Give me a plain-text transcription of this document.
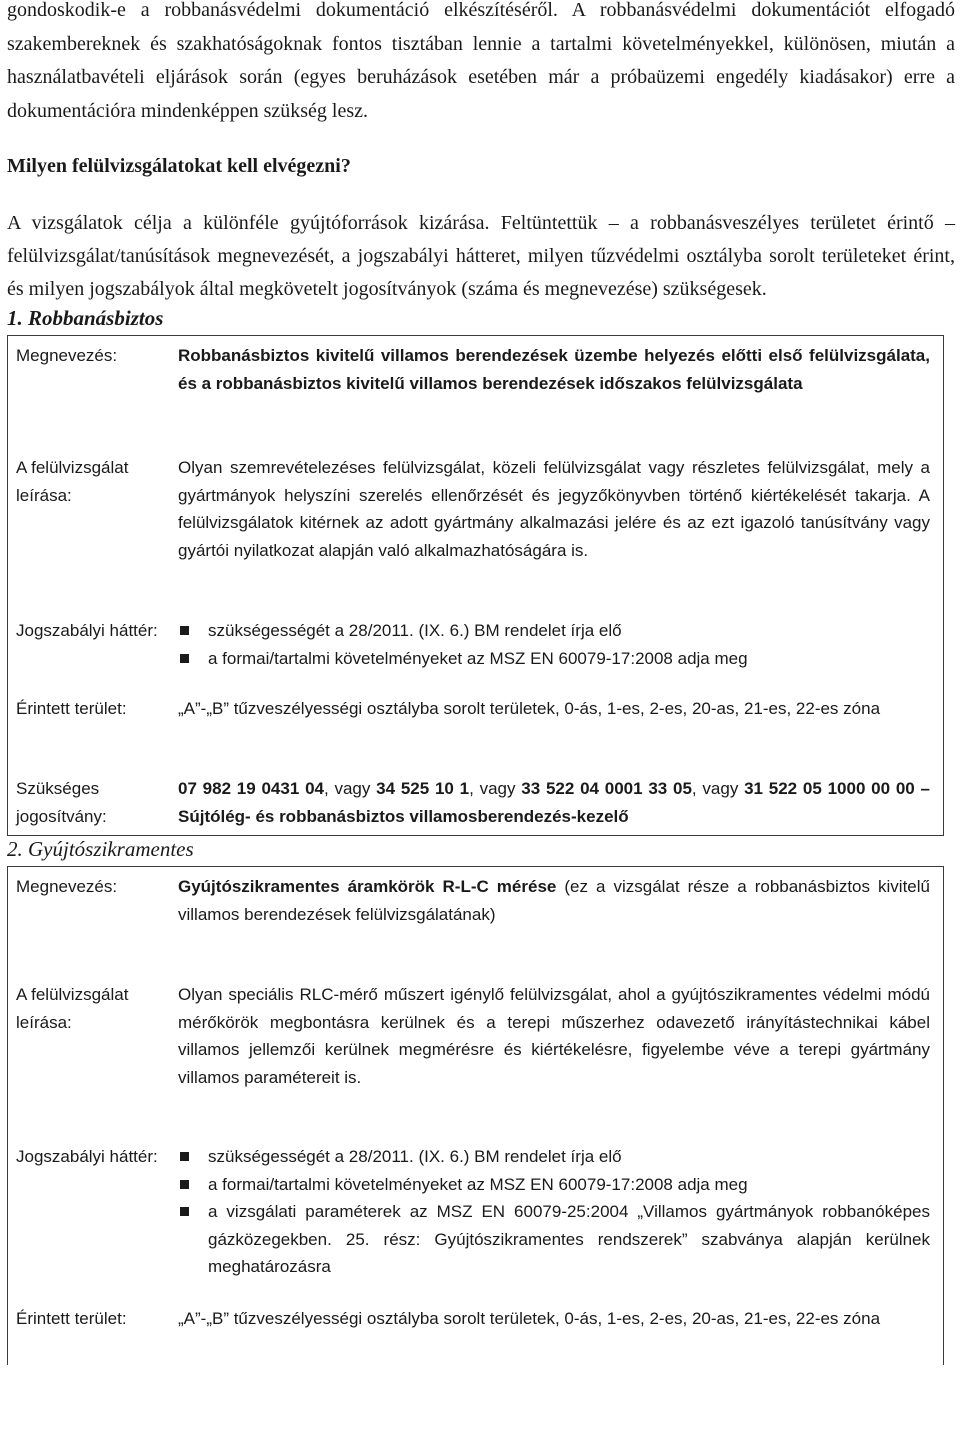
gondoskodik-e a robbanásvédelmi dokumentáció elkészítéséről. A robbanásvédelmi dokumentációt elfogadó szakembereknek és szakhatóságoknak fontos tisztában lennie a tartalmi követelményekkel, különösen, miután a használatbavételi eljárások során (egyes beruházások esetében már a próbaüzemi engedély kiadásakor) erre a dokumentációra mindenképpen szükség lesz.

Milyen felülvizsgálatokat kell elvégezni?

A vizsgálatok célja a különféle gyújtóforrások kizárása. Feltüntettük – a robbanásveszélyes területet érintő – felülvizsgálat/tanúsítások megnevezését, a jogszabályi hátteret, milyen tűzvédelmi osztályba sorolt területeket érint, és milyen jogszabályok által megkövetelt jogosítványok (száma és megnevezése) szükségesek.

1. Robbanásbiztos

Megnevezés:	Robbanásbiztos kivitelű villamos berendezések üzembe helyezés előtti első felülvizsgálata, és a robbanásbiztos kivitelű villamos berendezések időszakos felülvizsgálata
A felülvizsgálat leírása:
Olyan szemrevételezéses felülvizsgálat, közeli felülvizsgálat vagy részletes felülvizsgálat, mely a gyártmányok helyszíni szerelés ellenőrzését és jegyzőkönyvben történő kiértékelését takarja. A felülvizsgálatok kitérnek az adott gyártmány alkalmazási jelére és az ezt igazoló tanúsítvány vagy gyártói nyilatkozat alapján való alkalmazhatóságára is.
Jogszabályi háttér:	szükségességét a 28/2011. (IX. 6.) BM rendelet írja elő
a formai/tartalmi követelményeket az MSZ EN 60079-17:2008 adja meg
Érintett terület:	„A”-„B” tűzveszélyességi osztályba sorolt területek, 0-ás, 1-es, 2-es, 20-as, 21-es, 22-es zóna
Szükséges jogosítvány:
07 982 19 0431 04, vagy 34 525 10 1, vagy 33 522 04 0001 33 05, vagy 31 522 05 1000 00 00 – Sújtólég- és robbanásbiztos villamosberendezés-kezelő

2. Gyújtószikramentes

Megnevezés:	Gyújtószikramentes áramkörök R-L-C mérése (ez a vizsgálat része a robbanásbiztos kivitelű villamos berendezések felülvizsgálatának)
A felülvizsgálat leírása:
Olyan speciális RLC-mérő műszert igénylő felülvizsgálat, ahol a gyújtószikramentes védelmi módú mérőkörök megbontásra kerülnek és a terepi műszerhez odavezető irányítástechnikai kábel villamos jellemzői kerülnek megmérésre és kiértékelésre, figyelembe véve a terepi gyártmány villamos paramétereit is.
Jogszabályi háttér:	szükségességét a 28/2011. (IX. 6.) BM rendelet írja elő
a formai/tartalmi követelményeket az MSZ EN 60079-17:2008 adja meg
a vizsgálati paraméterek az MSZ EN 60079-25:2004 „Villamos gyártmányok robbanóképes gázközegekben. 25. rész: Gyújtószikramentes rendszerek” szabványa alapján kerülnek meghatározásra
Érintett terület:	„A”-„B” tűzveszélyességi osztályba sorolt területek, 0-ás, 1-es, 2-es, 20-as, 21-es, 22-es zóna
